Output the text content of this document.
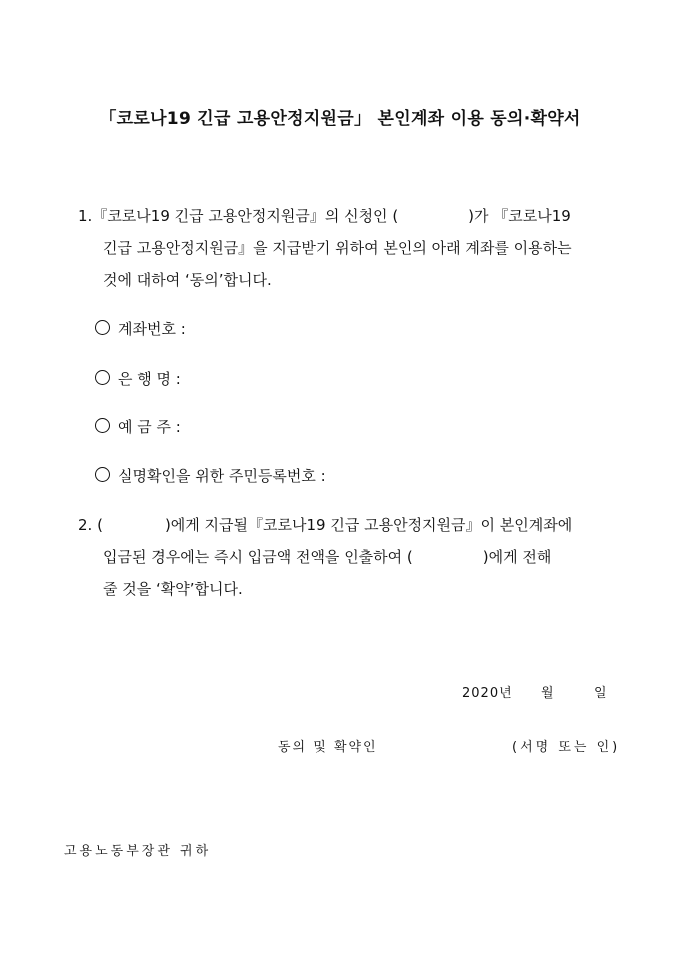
「코로나19 긴급 고용안정지원금」 본인계좌 이용 동의·확약서
1.『코로나19 긴급 고용안정지원금』의 신청인 (	)가 『코로나19
긴급 고용안정지원금』을 지급받기 위하여 본인의 아래 계좌를 이용하는
것에 대하여 ‘동의’합니다.
계좌번호 :
은 행 명 :
예 금 주 :
실명확인을 위한 주민등록번호 :
2. (	)에게 지급될『코로나19 긴급 고용안정지원금』이 본인계좌에
입금된 경우에는 즉시 입금액 전액을 인출하여 (	)에게 전해
줄 것을 ‘확약’합니다.
2020년 월	일
동의 및 확약인	(서명 또는 인)
고용노동부장관 귀하
